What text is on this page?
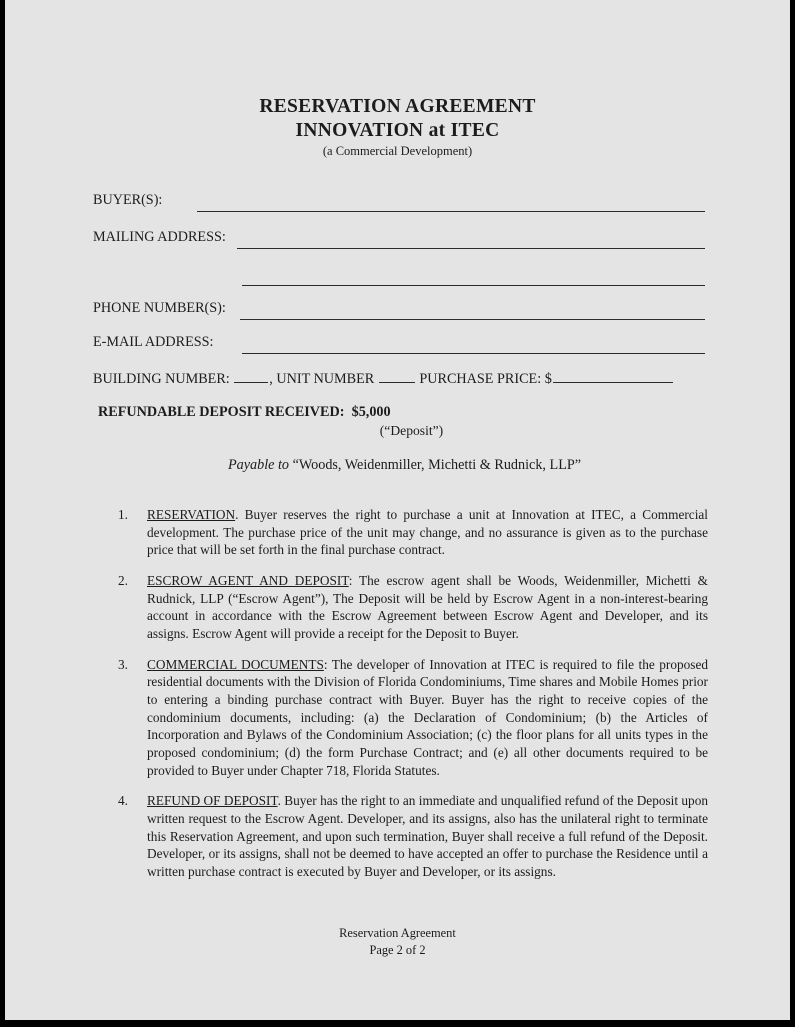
RESERVATION AGREEMENT
INNOVATION at ITEC
(a Commercial Development)
BUYER(S):
MAILING ADDRESS:
PHONE NUMBER(S):
E-MAIL ADDRESS:
BUILDING NUMBER:	, UNIT NUMBER	PURCHASE PRICE: $
REFUNDABLE DEPOSIT RECEIVED: $5,000
(“Deposit”)
Payable to “Woods, Weidenmiller, Michetti & Rudnick, LLP”
1.	RESERVATION. Buyer reserves the right to purchase a unit at Innovation at ITEC, a Commercial development. The purchase price of the unit may change, and no assurance is given as to the purchase price that will be set forth in the final purchase contract.
2.	ESCROW AGENT AND DEPOSIT: The escrow agent shall be Woods, Weidenmiller, Michetti & Rudnick, LLP (“Escrow Agent”), The Deposit will be held by Escrow Agent in a non-interest-bearing account in accordance with the Escrow Agreement between Escrow Agent and Developer, and its assigns. Escrow Agent will provide a receipt for the Deposit to Buyer.
3.	COMMERCIAL DOCUMENTS: The developer of Innovation at ITEC is required to file the proposed residential documents with the Division of Florida Condominiums, Time shares and Mobile Homes prior to entering a binding purchase contract with Buyer. Buyer has the right to receive copies of the condominium documents, including: (a) the Declaration of Condominium; (b) the Articles of Incorporation and Bylaws of the Condominium Association; (c) the floor plans for all units types in the proposed condominium; (d) the form Purchase Contract; and (e) all other documents required to be provided to Buyer under Chapter 718, Florida Statutes.
4.	REFUND OF DEPOSIT. Buyer has the right to an immediate and unqualified refund of the Deposit upon written request to the Escrow Agent. Developer, and its assigns, also has the unilateral right to terminate this Reservation Agreement, and upon such termination, Buyer shall receive a full refund of the Deposit. Developer, or its assigns, shall not be deemed to have accepted an offer to purchase the Residence until a written purchase contract is executed by Buyer and Developer, or its assigns.
Reservation Agreement
Page 2 of 2
